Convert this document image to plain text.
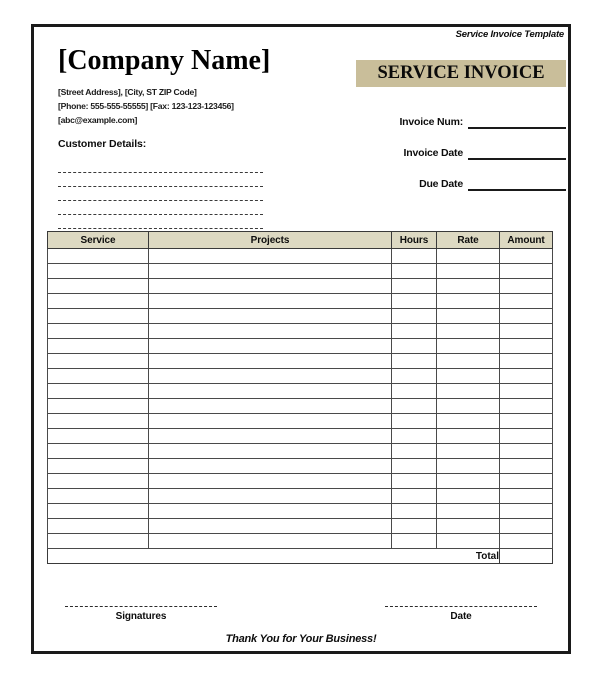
Service Invoice Template
[Company Name]
[Street Address], [City, ST ZIP Code]
[Phone: 555-555-55555] [Fax: 123-123-123456]
[abc@example.com]
Customer Details:
SERVICE INVOICE
Invoice Num:
Invoice Date
Due Date
Service	Projects	Hours	Rate	Amount

Total				
Signatures	Date
Thank You for Your Business!
